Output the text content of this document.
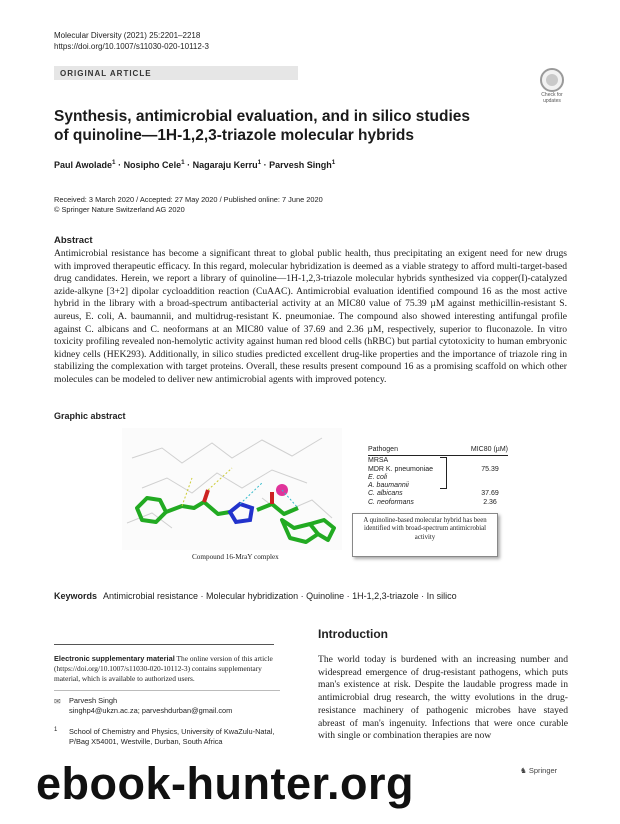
Molecular Diversity (2021) 25:2201–2218
https://doi.org/10.1007/s11030-020-10112-3
ORIGINAL ARTICLE
Check for
updates
Synthesis, antimicrobial evaluation, and in silico studies of quinoline—1H-1,2,3-triazole molecular hybrids
Paul Awolade$^1$ · Nosipho Cele$^1$ · Nagaraju Kerru$^1$ · Parvesh Singh$^1$
Received: 3 March 2020 / Accepted: 27 May 2020 / Published online: 7 June 2020
© Springer Nature Switzerland AG 2020
Abstract
Antimicrobial resistance has become a significant threat to global public health, thus precipitating an exigent need for new drugs with improved therapeutic efficacy. In this regard, molecular hybridization is deemed as a viable strategy to afford multi-target-based drug candidates. Herein, we report a library of quinoline—1H-1,2,3-triazole molecular hybrids synthesized via copper(I)-catalyzed azide-alkyne [3+2] dipolar cycloaddition reaction (CuAAC). Antimicrobial evaluation identified compound 16 as the most active hybrid in the library with a broad-spectrum antibacterial activity at an MIC80 value of 75.39 µM against methicillin-resistant S. aureus, E. coli, A. baumannii, and multidrug-resistant K. pneumoniae. The compound also showed interesting antifungal profile against C. albicans and C. neoformans at an MIC80 value of 37.69 and 2.36 µM, respectively, superior to fluconazole. In vitro toxicity profiling revealed non-hemolytic activity against human red blood cells (hRBC) but partial cytotoxicity to human embryonic kidney cells (HEK293). Additionally, in silico studies predicted excellent drug-like properties and the importance of triazole ring in stabilizing the complexation with target proteins. Overall, these results present compound 16 as a promising scaffold on which other molecules can be modeled to deliver new antimicrobial agents with improved potency.
Graphic abstract
Compound 16-MraY complex
Pathogen	MIC80 (µM)
MRSA
MDR K. pneumoniae	75.39
E. coli
A. baumannii
C. albicans	37.69
C. neoformans	2.36
A quinoline-based molecular hybrid has been identified with broad-spectrum antimicrobial activity
Keywords Antimicrobial resistance · Molecular hybridization · Quinoline · 1H-1,2,3-triazole · In silico
Introduction
The world today is burdened with an increasing number and widespread emergence of drug-resistant pathogens, which puts man's existence at risk. Despite the laudable progress made in antimicrobial drug research, the witty evolutions in the drug-resistance machinery of pathogenic microbes have stayed abreast of man's ingenuity. Infections that were once curable with single or combination therapies are now
Electronic supplementary material The online version of this article (https://doi.org/10.1007/s11030-020-10112-3) contains supplementary material, which is available to authorized users.
✉ Parvesh Singh
singhp4@ukzn.ac.za; parveshdurban@gmail.com
1 School of Chemistry and Physics, University of KwaZulu-Natal, P/Bag X54001, Westville, Durban, South Africa
♞ Springer
ebook-hunter.org
